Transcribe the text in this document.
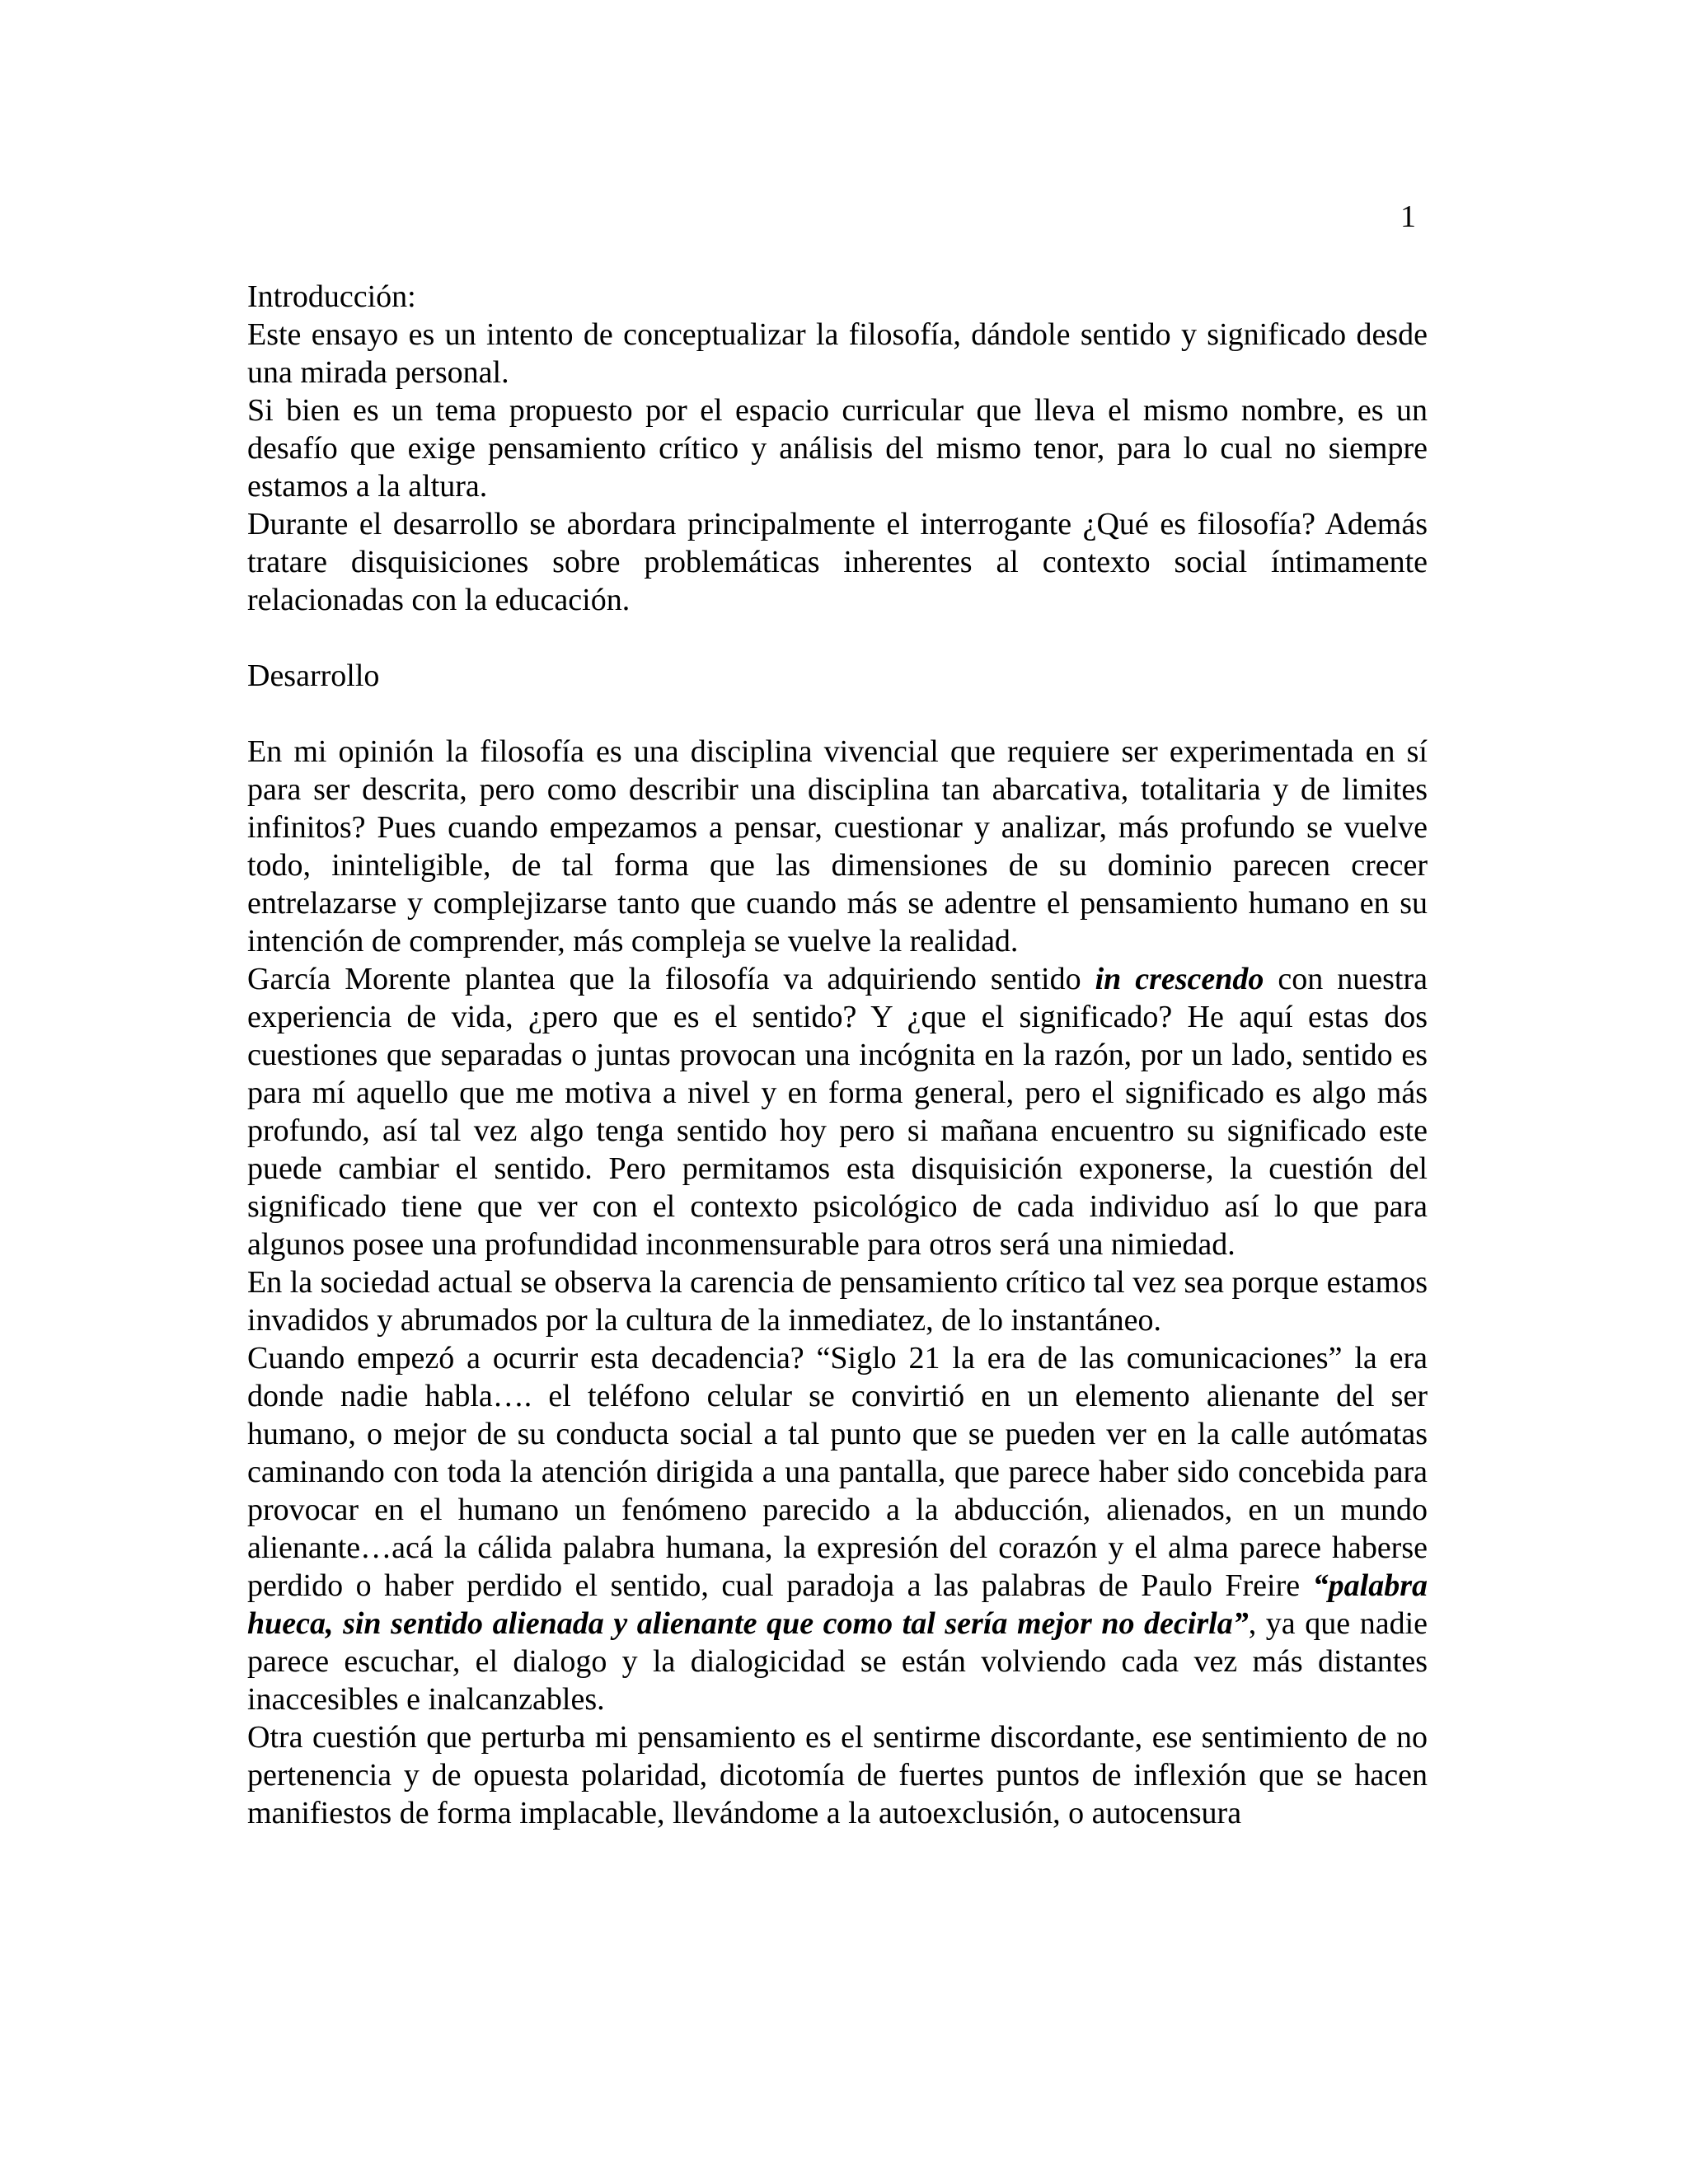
1

Introducción:

Este ensayo es un intento de conceptualizar la filosofía, dándole sentido y significado desde una mirada personal.

Si bien es un tema propuesto por el espacio curricular que lleva el mismo nombre, es un desafío que exige pensamiento crítico y análisis del mismo tenor, para lo cual no siempre estamos a la altura.

Durante el desarrollo se abordara principalmente el interrogante ¿Qué es filosofía? Además tratare disquisiciones sobre problemáticas inherentes al contexto social íntimamente relacionadas con la educación.

Desarrollo

En mi opinión la filosofía es una disciplina vivencial que requiere ser experimentada en sí para ser descrita, pero como describir una disciplina tan abarcativa, totalitaria y de limites infinitos? Pues cuando empezamos a pensar, cuestionar y analizar, más profundo se vuelve todo, ininteligible, de tal forma que las dimensiones de su dominio parecen crecer entrelazarse y complejizarse tanto que cuando más se adentre el pensamiento humano en su intención de comprender, más compleja se vuelve la realidad.

García Morente plantea que la filosofía va adquiriendo sentido in crescendo con nuestra experiencia de vida, ¿pero que es el sentido? Y ¿que el significado? He aquí estas dos cuestiones que separadas o juntas provocan una incógnita en la razón, por un lado, sentido es para mí aquello que me motiva a nivel y en forma general, pero el significado es algo más profundo, así tal vez algo tenga sentido hoy pero si mañana encuentro su significado este puede cambiar el sentido. Pero permitamos esta disquisición exponerse, la cuestión del significado tiene que ver con el contexto psicológico de cada individuo así lo que para algunos posee una profundidad inconmensurable para otros será una nimiedad.

En la sociedad actual se observa la carencia de pensamiento crítico tal vez sea porque estamos invadidos y abrumados por la cultura de la inmediatez, de lo instantáneo.

Cuando empezó a ocurrir esta decadencia? “Siglo 21 la era de las comunicaciones” la era donde nadie habla…. el teléfono celular se convirtió en un elemento alienante del ser humano, o mejor de su conducta social a tal punto que se pueden ver en la calle autómatas caminando con toda la atención dirigida a una pantalla, que parece haber sido concebida para provocar en el humano un fenómeno parecido a la abducción, alienados, en un mundo alienante…acá la cálida palabra humana, la expresión del corazón y el alma parece haberse perdido o haber perdido el sentido, cual paradoja a las palabras de Paulo Freire “palabra hueca, sin sentido alienada y alienante que como tal sería mejor no decirla”, ya que nadie parece escuchar, el dialogo y la dialogicidad se están volviendo cada vez más distantes inaccesibles e inalcanzables.

Otra cuestión que perturba mi pensamiento es el sentirme discordante, ese sentimiento de no pertenencia y de opuesta polaridad, dicotomía de fuertes puntos de inflexión que se hacen manifiestos de forma implacable, llevándome a la autoexclusión, o autocensura
